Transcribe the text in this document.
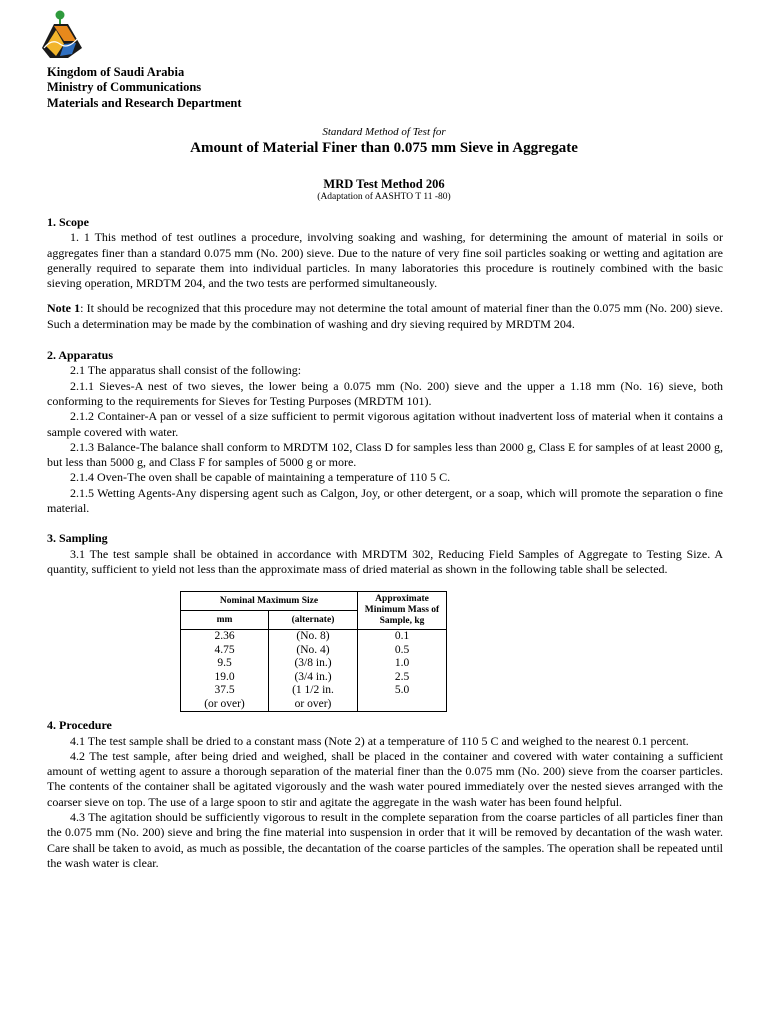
Kingdom of Saudi Arabia
Ministry of Communications
Materials and Research Department
Standard Method of Test for
Amount of Material Finer than 0.075 mm Sieve in Aggregate
MRD Test Method 206
(Adaptation of AASHTO T 11 -80)

1. Scope

1. 1 This method of test outlines a procedure, involving soaking and washing, for determining the amount of material in soils or aggregates finer than a standard 0.075 mm (No. 200) sieve. Due to the nature of very fine soil particles soaking or wetting and agitation are generally required to separate them into individual particles. In many laboratories this procedure is routinely combined with the basic sieving operation, MRDTM 204, and the two tests are performed simultaneously.

Note 1: It should be recognized that this procedure may not determine the total amount of material finer than the 0.075 mm (No. 200) sieve. Such a determination may be made by the combination of washing and dry sieving required by MRDTM 204.

2. Apparatus

2.1 The apparatus shall consist of the following:

2.1.1 Sieves-A nest of two sieves, the lower being a 0.075 mm (No. 200) sieve and the upper a 1.18 mm (No. 16) sieve, both conforming to the requirements for Sieves for Testing Purposes (MRDTM 101).

2.1.2 Container-A pan or vessel of a size sufficient to permit vigorous agitation without inadvertent loss of material when it contains a sample covered with water.

2.1.3 Balance-The balance shall conform to MRDTM 102, Class D for samples less than 2000 g, Class E for samples of at least 2000 g, but less than 5000 g, and Class F for samples of 5000 g or more.

2.1.4 Oven-The oven shall be capable of maintaining a temperature of 110 5 C.

2.1.5 Wetting Agents-Any dispersing agent such as Calgon, Joy, or other detergent, or a soap, which will promote the separation o fine material.

3. Sampling

3.1 The test sample shall be obtained in accordance with MRDTM 302, Reducing Field Samples of Aggregate to Testing Size. A quantity, sufficient to yield not less than the approximate mass of dried material as shown in the following table shall be selected.

Nominal Maximum Size		Approximate Minimum Mass of Sample, kg
mm	(alternate)	
2.36	(No. 8)	0.1
4.75	(No. 4)	0.5
9.5	(3/8 in.)	1.0
19.0	(3/4 in.)	2.5
37.5	(1 1/2 in.	5.0
(or over)	or over)	

4. Procedure

4.1 The test sample shall be dried to a constant mass (Note 2) at a temperature of 110 5 C and weighed to the nearest 0.1 percent.

4.2 The test sample, after being dried and weighed, shall be placed in the container and covered with water containing a sufficient amount of wetting agent to assure a thorough separation of the material finer than the 0.075 mm (No. 200) sieve from the coarser particles. The contents of the container shall be agitated vigorously and the wash water poured immediately over the nested sieves arranged with the coarser sieve on top. The use of a large spoon to stir and agitate the aggregate in the wash water has been found helpful.

4.3 The agitation should be sufficiently vigorous to result in the complete separation from the coarse particles of all particles finer than the 0.075 mm (No. 200) sieve and bring the fine material into suspension in order that it will be removed by decantation of the wash water. Care shall be taken to avoid, as much as possible, the decantation of the coarse particles of the samples. The operation shall be repeated until the wash water is clear.
